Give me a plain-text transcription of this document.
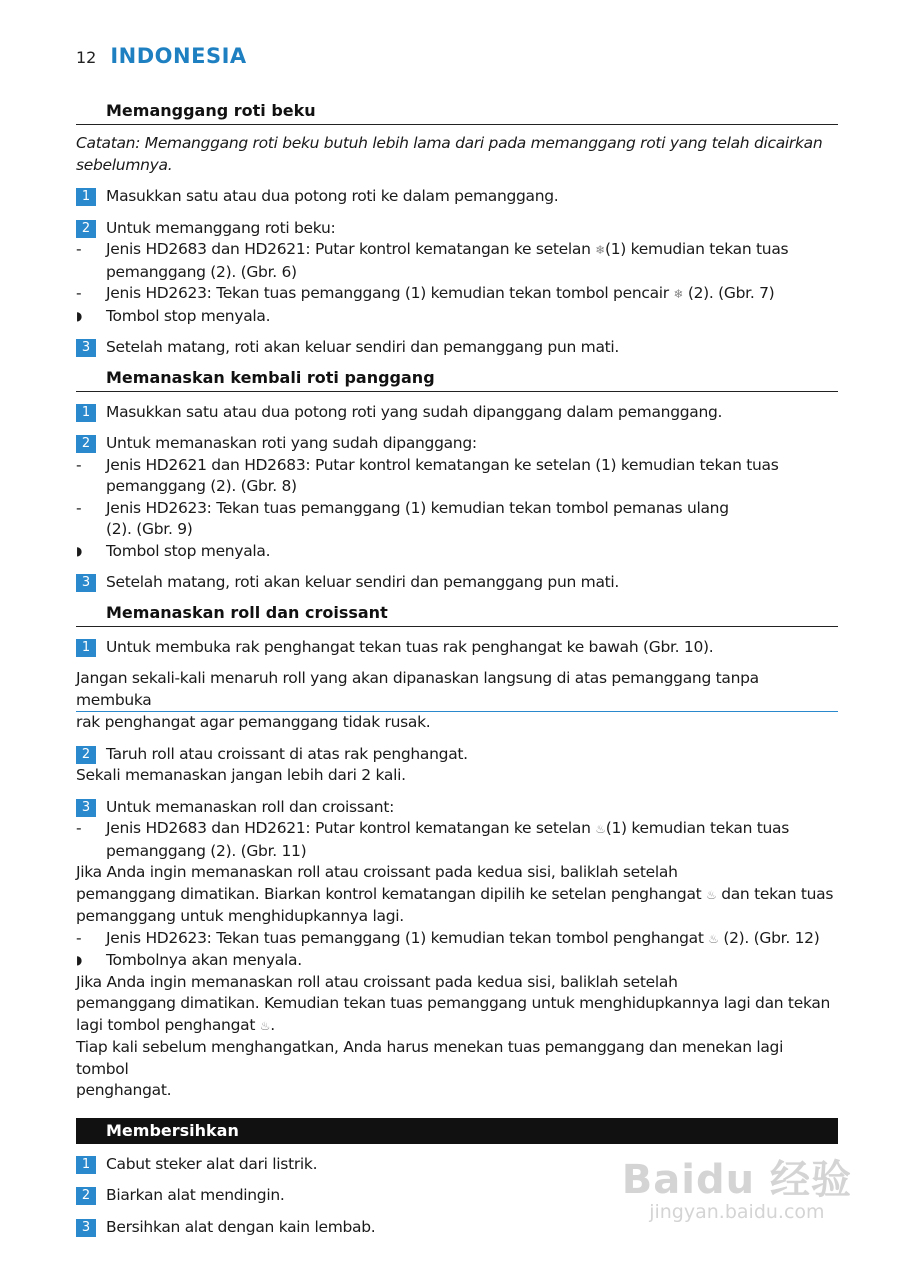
12 INDONESIA
Memanggang roti beku

Catatan: Memanggang roti beku butuh lebih lama dari pada memanggang roti yang telah dicairkan sebelumnya.

1	Masukkan satu atau dua potong roti ke dalam pemanggang.
2	Untuk memanggang roti beku:
-	Jenis HD2683 dan HD2621: Putar kontrol kematangan ke setelan ❄(1) kemudian tekan tuas
pemanggang (2). (Gbr. 6)
-	Jenis HD2623: Tekan tuas pemanggang (1) kemudian tekan tombol pencair ❄ (2). (Gbr. 7)
◗	Tombol stop menyala.
3	Setelah matang, roti akan keluar sendiri dan pemanggang pun mati.
Memanaskan kembali roti panggang
1	Masukkan satu atau dua potong roti yang sudah dipanggang dalam pemanggang.
2	Untuk memanaskan roti yang sudah dipanggang:
-	Jenis HD2621 dan HD2683: Putar kontrol kematangan ke setelan (1) kemudian tekan tuas
pemanggang (2). (Gbr. 8)
-	Jenis HD2623: Tekan tuas pemanggang (1) kemudian tekan tombol pemanas ulang
(2). (Gbr. 9)
◗	Tombol stop menyala.
3	Setelah matang, roti akan keluar sendiri dan pemanggang pun mati.
Memanaskan roll dan croissant
1	Untuk membuka rak penghangat tekan tuas rak penghangat ke bawah (Gbr. 10).
Jangan sekali-kali menaruh roll yang akan dipanaskan langsung di atas pemanggang tanpa membuka
rak penghangat agar pemanggang tidak rusak.
2	Taruh roll atau croissant di atas rak penghangat.

Sekali memanaskan jangan lebih dari 2 kali.

3	Untuk memanaskan roll dan croissant:
-	Jenis HD2683 dan HD2621: Putar kontrol kematangan ke setelan ♨(1) kemudian tekan tuas
pemanggang (2). (Gbr. 11)

Jika Anda ingin memanaskan roll atau croissant pada kedua sisi, baliklah setelah

pemanggang dimatikan. Biarkan kontrol kematangan dipilih ke setelan penghangat ♨ dan tekan tuas

pemanggang untuk menghidupkannya lagi.

-	Jenis HD2623: Tekan tuas pemanggang (1) kemudian tekan tombol penghangat ♨ (2). (Gbr. 12)
◗	Tombolnya akan menyala.

Jika Anda ingin memanaskan roll atau croissant pada kedua sisi, baliklah setelah

pemanggang dimatikan. Kemudian tekan tuas pemanggang untuk menghidupkannya lagi dan tekan

lagi tombol penghangat ♨.

Tiap kali sebelum menghangatkan, Anda harus menekan tuas pemanggang dan menekan lagi tombol

penghangat.

Membersihkan
1	Cabut steker alat dari listrik.
2	Biarkan alat mendingin.
3	Bersihkan alat dengan kain lembab.
Baidu 经验
jingyan.baidu.com
